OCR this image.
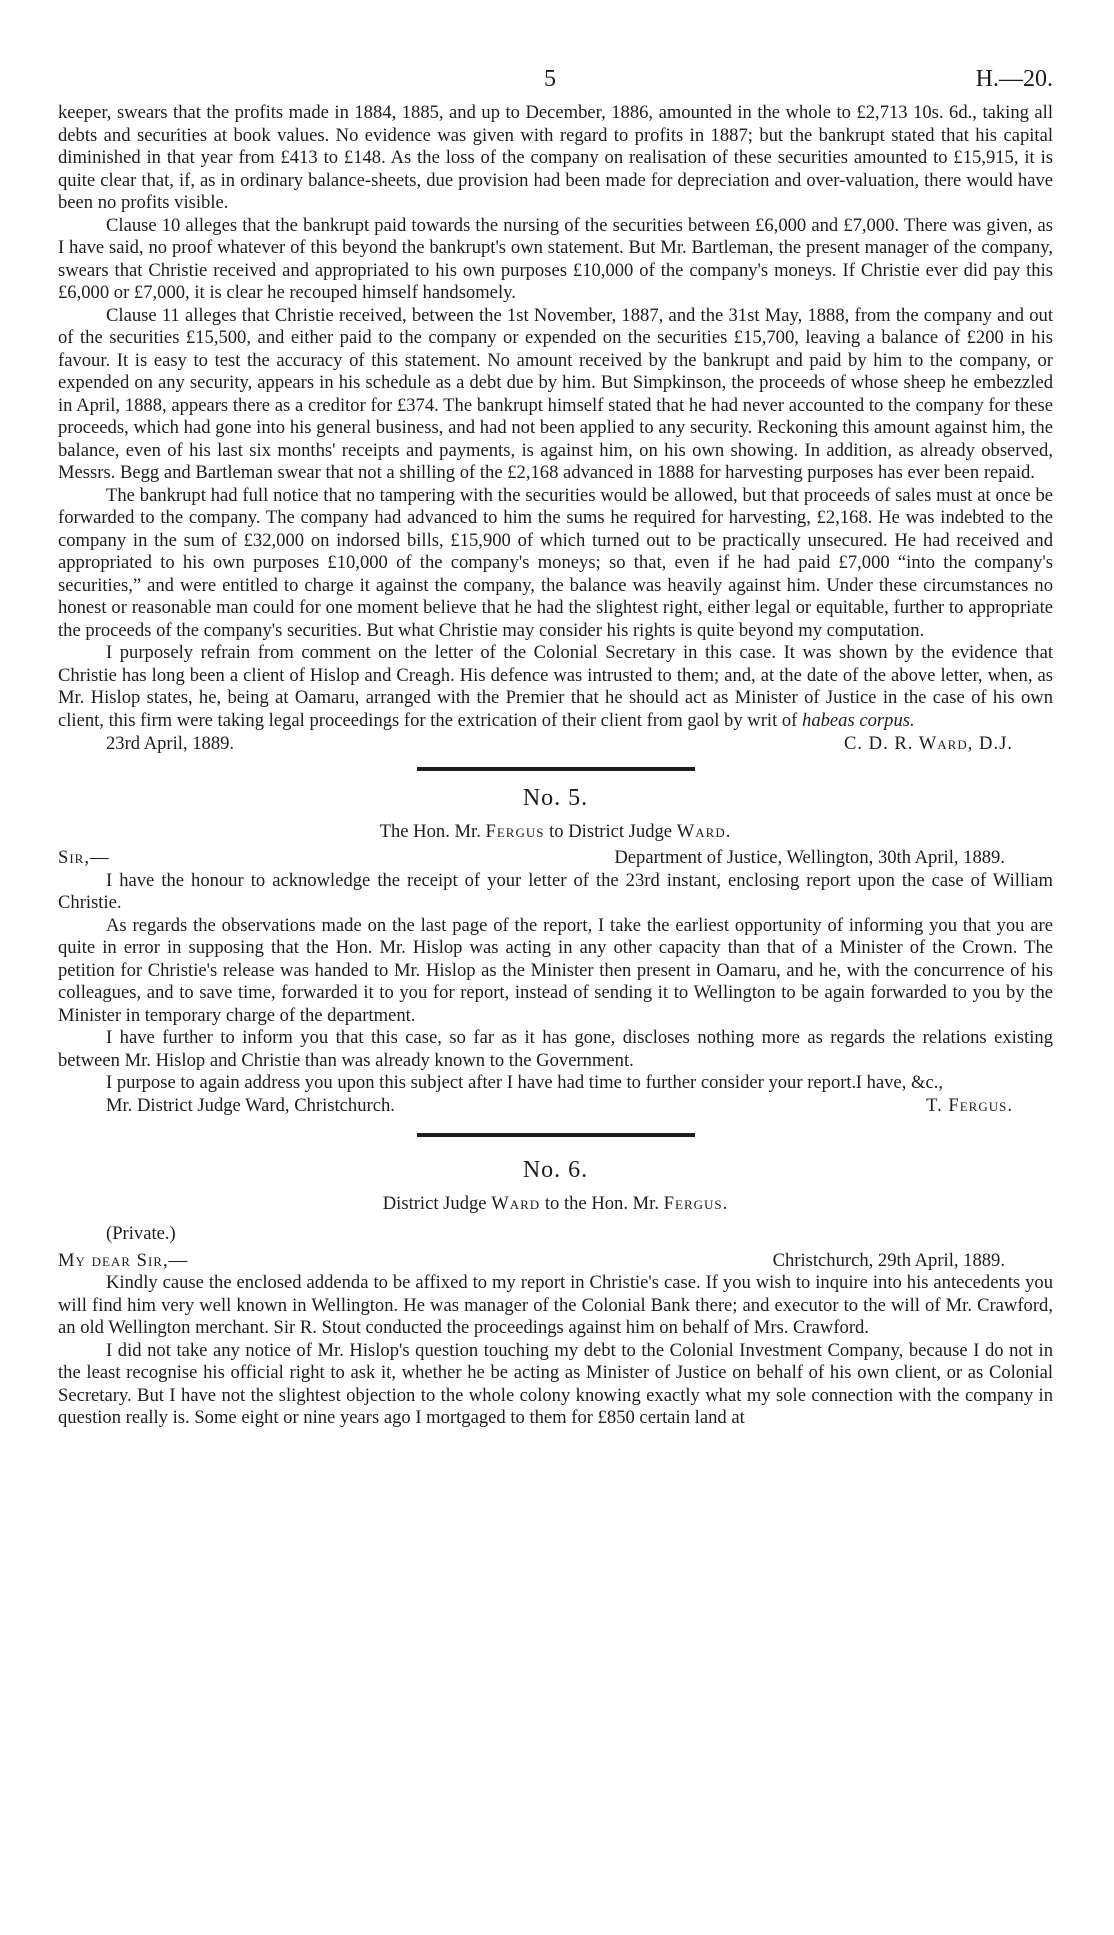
5	H.—20.

keeper, swears that the profits made in 1884, 1885, and up to December, 1886, amounted in the whole to £2,713 10s. 6d., taking all debts and securities at book values. No evidence was given with regard to profits in 1887; but the bankrupt stated that his capital diminished in that year from £413 to £148. As the loss of the company on realisation of these securities amounted to £15,915, it is quite clear that, if, as in ordinary balance-sheets, due provision had been made for depreciation and over-valuation, there would have been no profits visible.

Clause 10 alleges that the bankrupt paid towards the nursing of the securities between £6,000 and £7,000. There was given, as I have said, no proof whatever of this beyond the bankrupt's own statement. But Mr. Bartleman, the present manager of the company, swears that Christie received and appropriated to his own purposes £10,000 of the company's moneys. If Christie ever did pay this £6,000 or £7,000, it is clear he recouped himself handsomely.

Clause 11 alleges that Christie received, between the 1st November, 1887, and the 31st May, 1888, from the company and out of the securities £15,500, and either paid to the company or expended on the securities £15,700, leaving a balance of £200 in his favour. It is easy to test the accuracy of this statement. No amount received by the bankrupt and paid by him to the company, or expended on any security, appears in his schedule as a debt due by him. But Simpkinson, the proceeds of whose sheep he embezzled in April, 1888, appears there as a creditor for £374. The bankrupt himself stated that he had never accounted to the company for these proceeds, which had gone into his general business, and had not been applied to any security. Reckoning this amount against him, the balance, even of his last six months' receipts and payments, is against him, on his own showing. In addition, as already observed, Messrs. Begg and Bartleman swear that not a shilling of the £2,168 advanced in 1888 for harvesting purposes has ever been repaid.

The bankrupt had full notice that no tampering with the securities would be allowed, but that proceeds of sales must at once be forwarded to the company. The company had advanced to him the sums he required for harvesting, £2,168. He was indebted to the company in the sum of £32,000 on indorsed bills, £15,900 of which turned out to be practically unsecured. He had received and appropriated to his own purposes £10,000 of the company's moneys; so that, even if he had paid £7,000 “into the company's securities,” and were entitled to charge it against the company, the balance was heavily against him. Under these circumstances no honest or reasonable man could for one moment believe that he had the slightest right, either legal or equitable, further to appropriate the proceeds of the company's securities. But what Christie may consider his rights is quite beyond my computation.

I purposely refrain from comment on the letter of the Colonial Secretary in this case. It was shown by the evidence that Christie has long been a client of Hislop and Creagh. His defence was intrusted to them; and, at the date of the above letter, when, as Mr. Hislop states, he, being at Oamaru, arranged with the Premier that he should act as Minister of Justice in the case of his own client, this firm were taking legal proceedings for the extrication of their client from gaol by writ of habeas corpus.

23rd April, 1889.	C. D. R. Ward, D.J.
No. 5.
The Hon. Mr. Fergus to District Judge Ward.
Sir,—	Department of Justice, Wellington, 30th April, 1889.

I have the honour to acknowledge the receipt of your letter of the 23rd instant, enclosing report upon the case of William Christie.

As regards the observations made on the last page of the report, I take the earliest opportunity of informing you that you are quite in error in supposing that the Hon. Mr. Hislop was acting in any other capacity than that of a Minister of the Crown. The petition for Christie's release was handed to Mr. Hislop as the Minister then present in Oamaru, and he, with the concurrence of his colleagues, and to save time, forwarded it to you for report, instead of sending it to Wellington to be again forwarded to you by the Minister in temporary charge of the department.

I have further to inform you that this case, so far as it has gone, discloses nothing more as regards the relations existing between Mr. Hislop and Christie than was already known to the Government.

I purpose to again address you upon this subject after I have had time to further consider your report. I have, &c.,
Mr. District Judge Ward, Christchurch.	T. Fergus.
No. 6.
District Judge Ward to the Hon. Mr. Fergus.
(Private.)
My dear Sir,—	Christchurch, 29th April, 1889.

Kindly cause the enclosed addenda to be affixed to my report in Christie's case. If you wish to inquire into his antecedents you will find him very well known in Wellington. He was manager of the Colonial Bank there; and executor to the will of Mr. Crawford, an old Wellington merchant. Sir R. Stout conducted the proceedings against him on behalf of Mrs. Crawford.

I did not take any notice of Mr. Hislop's question touching my debt to the Colonial Investment Company, because I do not in the least recognise his official right to ask it, whether he be acting as Minister of Justice on behalf of his own client, or as Colonial Secretary. But I have not the slightest objection to the whole colony knowing exactly what my sole connection with the company in question really is. Some eight or nine years ago I mortgaged to them for £850 certain land at
